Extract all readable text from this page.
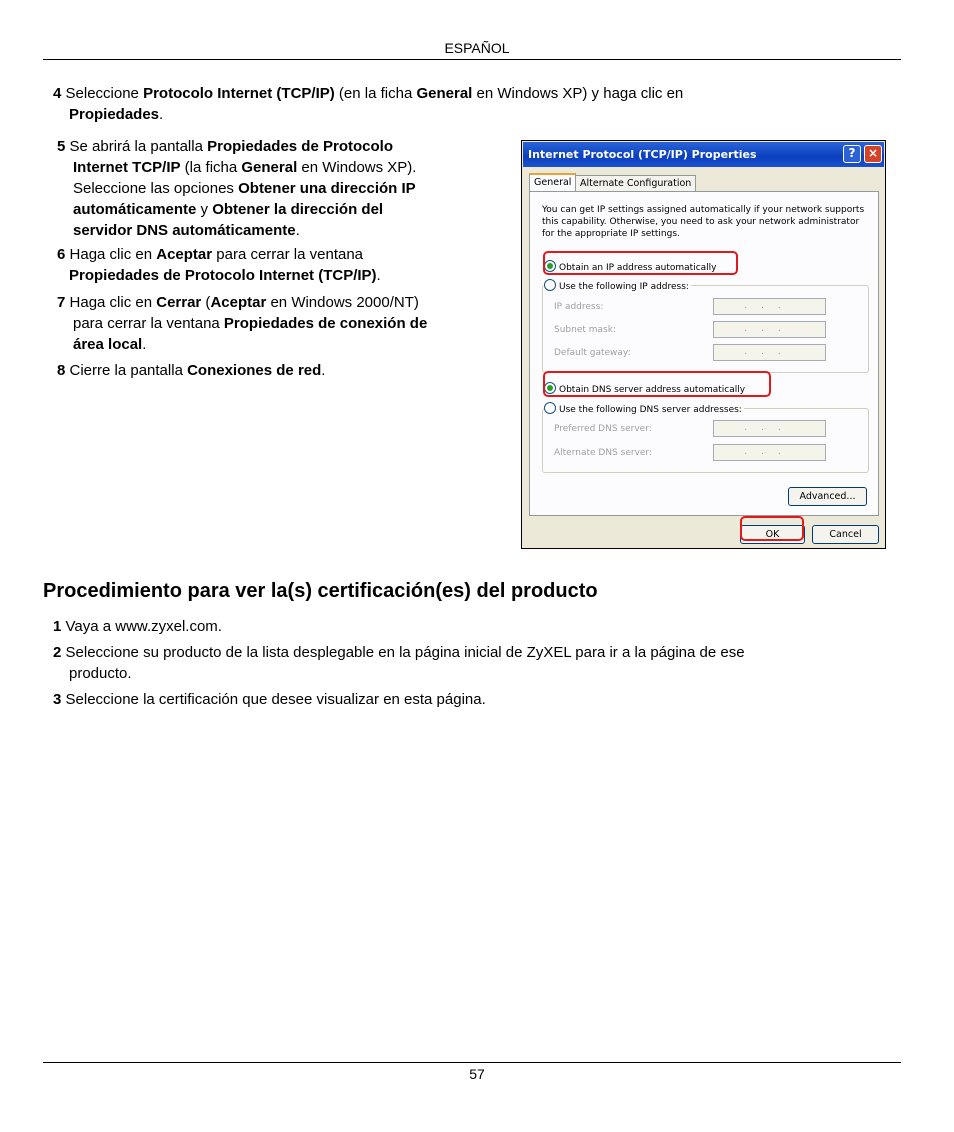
ESPAÑOL
4 Seleccione Protocolo Internet (TCP/IP) (en la ficha General en Windows XP) y haga clic en
Propiedades.
5 Se abrirá la pantalla Propiedades de Protocolo
Internet TCP/IP (la ficha General en Windows XP).
Seleccione las opciones Obtener una dirección IP
automáticamente y Obtener la dirección del
servidor DNS automáticamente.
6 Haga clic en Aceptar para cerrar la ventana
Propiedades de Protocolo Internet (TCP/IP).
7 Haga clic en Cerrar (Aceptar en Windows 2000/NT)
para cerrar la ventana Propiedades de conexión de
área local.
8 Cierre la pantalla Conexiones de red.
Internet Protocol (TCP/IP) Properties	?	×
General Alternate Configuration
You can get IP settings assigned automatically if your network supports this capability. Otherwise, you need to ask your network administrator for the appropriate IP settings.
Obtain an IP address automatically
Use the following IP address:
IP address:	...
Subnet mask:	...
Default gateway:	...
Obtain DNS server address automatically
Use the following DNS server addresses:
Preferred DNS server:	...
Alternate DNS server:	...
Advanced...
OK	Cancel
Procedimiento para ver la(s) certificación(es) del producto
1 Vaya a www.zyxel.com.
2 Seleccione su producto de la lista desplegable en la página inicial de ZyXEL para ir a la página de ese
producto.
3 Seleccione la certificación que desee visualizar en esta página.
57
